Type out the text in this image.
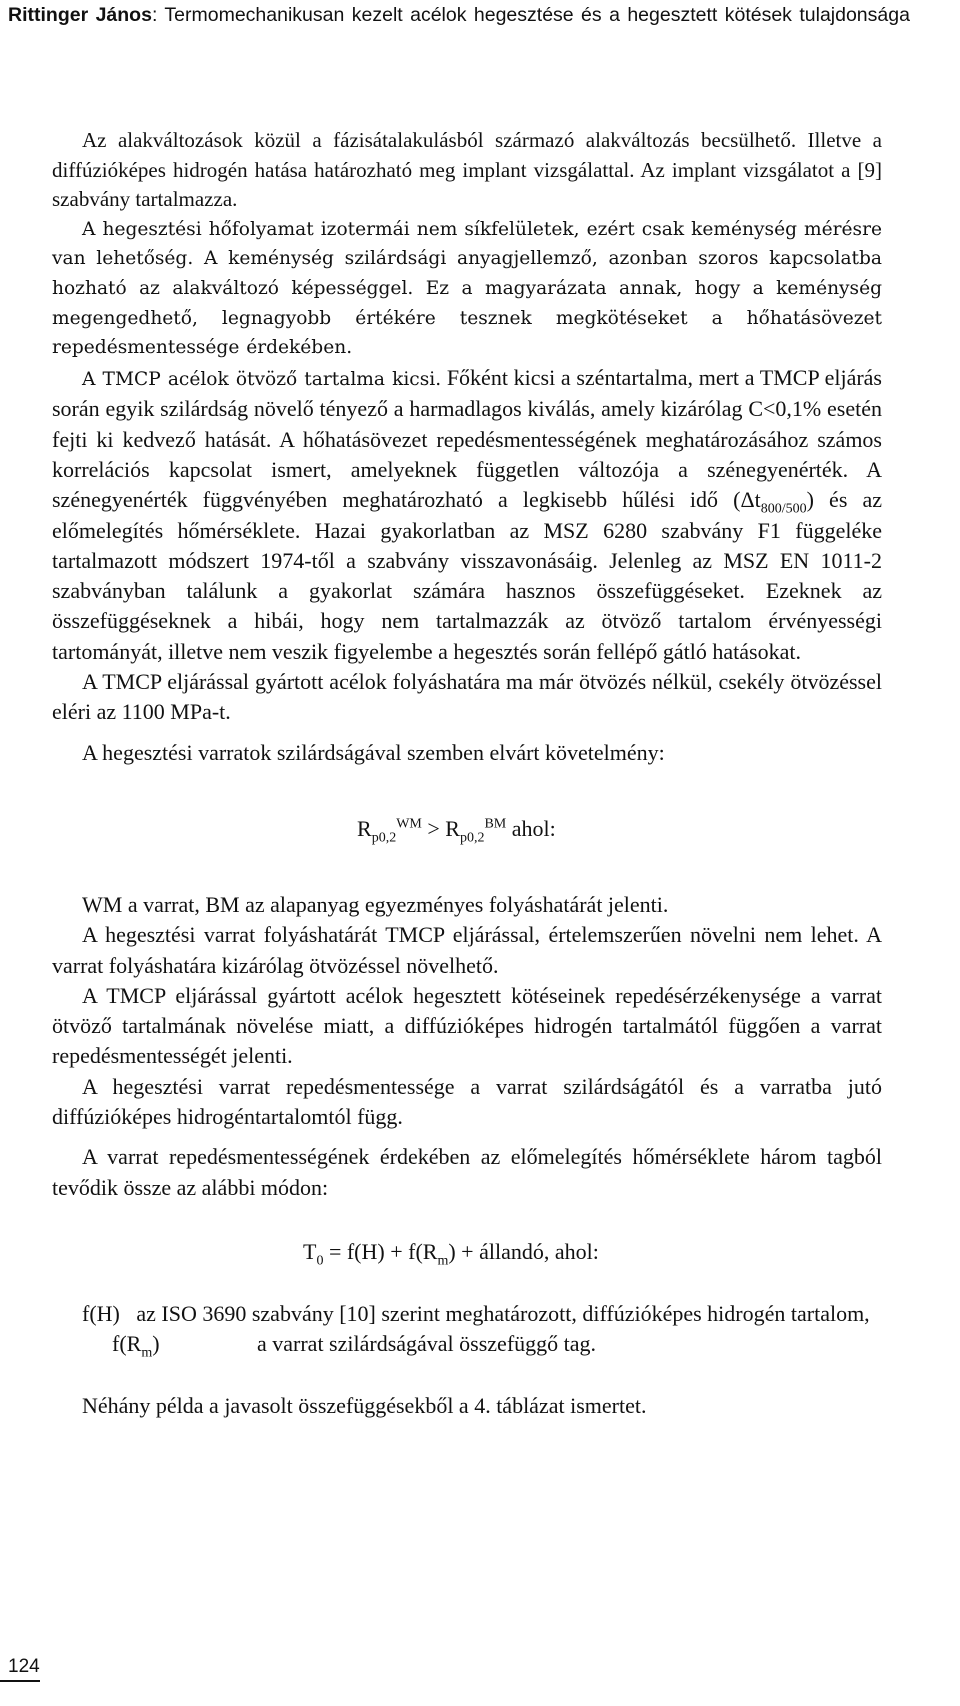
Rittinger János: Termomechanikusan kezelt acélok hegesztése és a hegesztett kötések tulajdonsága

Az alakváltozások közül a fázisátalakulásból származó alakváltozás becsülhető. Illetve a diffúzióképes hidrogén hatása határozható meg implant vizsgálattal. Az implant vizsgálatot a [9] szabvány tartalmazza.

A hegesztési hőfolyamat izotermái nem síkfelületek, ezért csak keménység mérésre van lehetőség. A keménység szilárdsági anyagjellemző, azonban szoros kapcsolatba hozható az alakváltozó képességgel. Ez a magyarázata annak, hogy a keménység megengedhető, legnagyobb értékére tesznek megkötéseket a hőhatásövezet repedésmentessége érdekében.

A TMCP acélok ötvöző tartalma kicsi. Főként kicsi a széntartalma, mert a TMCP eljárás során egyik szilárdság növelő tényező a harmadlagos kiválás, amely kizárólag C<0,1% esetén fejti ki kedvező hatását. A hőhatásövezet repedésmentességének meghatározásához számos korrelációs kapcsolat ismert, amelyeknek független változója a szénegyenérték. A szénegyenérték függvényében meghatározható a legkisebb hűlési idő $(\Delta t_{800/500})$ és az előmelegítés hőmérséklete. Hazai gyakorlatban az MSZ 6280 szabvány F1 függeléke tartalmazott módszert 1974-től a szabvány visszavonásáig. Jelenleg az MSZ EN 1011-2 szabványban találunk a gyakorlat számára hasznos összefüggéseket. Ezeknek az összefüggéseknek a hibái, hogy nem tartalmazzák az ötvöző tartalom érvényességi tartományát, illetve nem veszik figyelembe a hegesztés során fellépő gátló hatásokat.

A TMCP eljárással gyártott acélok folyáshatára ma már ötvözés nélkül, csekély ötvözéssel eléri az 1100 MPa-t.

A hegesztési varratok szilárdságával szemben elvárt követelmény:

$R_{p0,2}^{WM} > R_{p0,2}^{BM}$ ahol:

WM a varrat, BM az alapanyag egyezményes folyáshatárát jelenti.

A hegesztési varrat folyáshatárát TMCP eljárással, értelemszerűen növelni nem lehet. A varrat folyáshatára kizárólag ötvözéssel növelhető.

A TMCP eljárással gyártott acélok hegesztett kötéseinek repedésérzékenysége a varrat ötvöző tartalmának növelése miatt, a diffúzióképes hidrogén tartalmától függően a varrat repedésmentességét jelenti.

A hegesztési varrat repedésmentessége a varrat szilárdságától és a varratba jutó diffúzióképes hidrogéntartalomtól függ.

A varrat repedésmentességének érdekében az előmelegítés hőmérséklete három tagból tevődik össze az alábbi módon:

$T_0 = f(H) + f(R_m)$ + állandó, ahol:

f(H) az ISO 3690 szabvány [10] szerint meghatározott, diffúzióképes hidrogén tartalom,

$f(R_m)$	a varrat szilárdságával összefüggő tag.

Néhány példa a javasolt összefüggésekből a 4. táblázat ismertet.

124
